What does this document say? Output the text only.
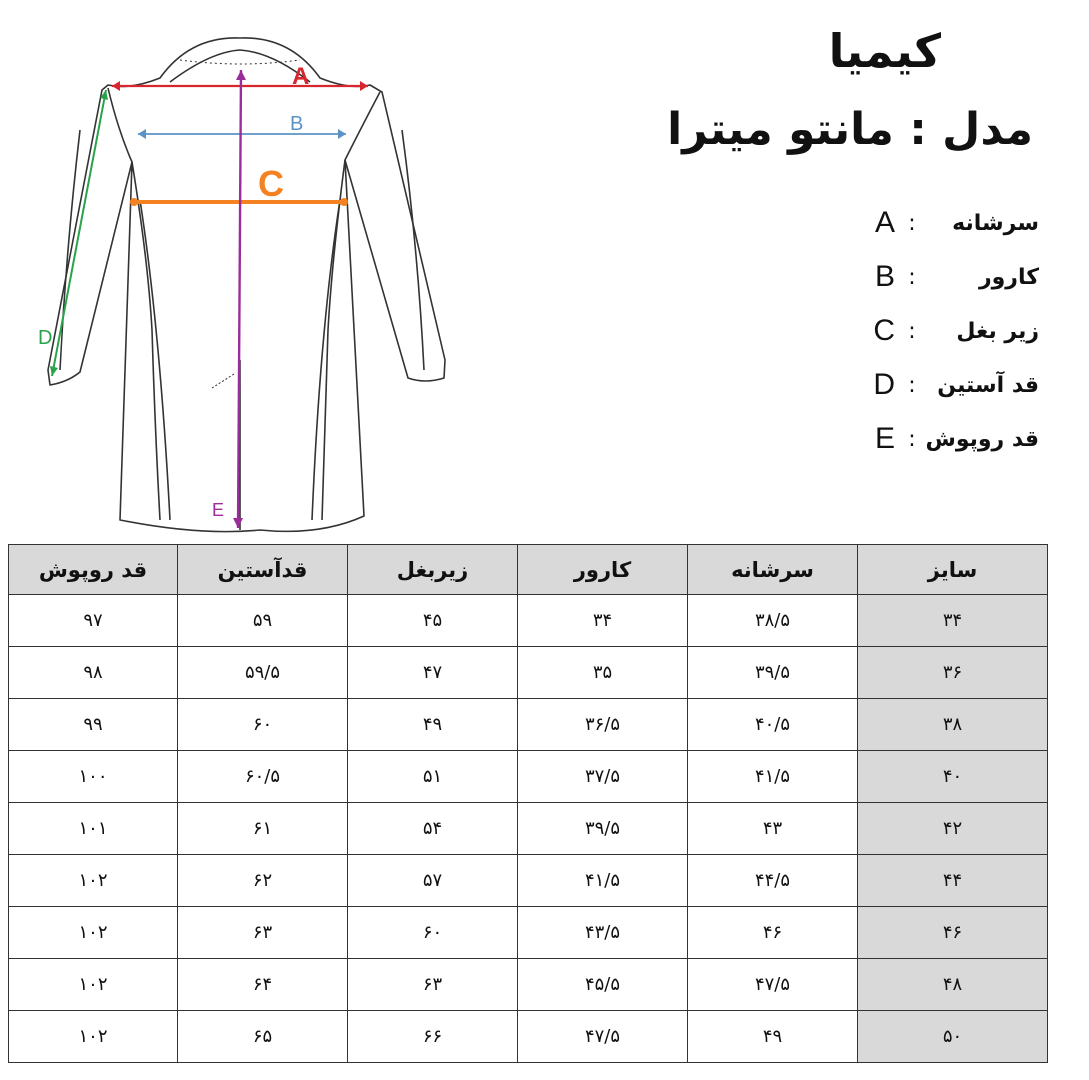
کیمیا
مدل : مانتو میترا
سرشانه
:
A
کارور
:
B
زیر بغل
:
C
قد آستین
:
D
قد روپوش
:
E
A
B
C
D
E
سایز	سرشانه	کارور	زیربغل	قدآستین	قد روپوش
۳۴	۳۸/۵	۳۴	۴۵	۵۹	۹۷
۳۶	۳۹/۵	۳۵	۴۷	۵۹/۵	۹۸
۳۸	۴۰/۵	۳۶/۵	۴۹	۶۰	۹۹
۴۰	۴۱/۵	۳۷/۵	۵۱	۶۰/۵	۱۰۰
۴۲	۴۳	۳۹/۵	۵۴	۶۱	۱۰۱
۴۴	۴۴/۵	۴۱/۵	۵۷	۶۲	۱۰۲
۴۶	۴۶	۴۳/۵	۶۰	۶۳	۱۰۲
۴۸	۴۷/۵	۴۵/۵	۶۳	۶۴	۱۰۲
۵۰	۴۹	۴۷/۵	۶۶	۶۵	۱۰۲
